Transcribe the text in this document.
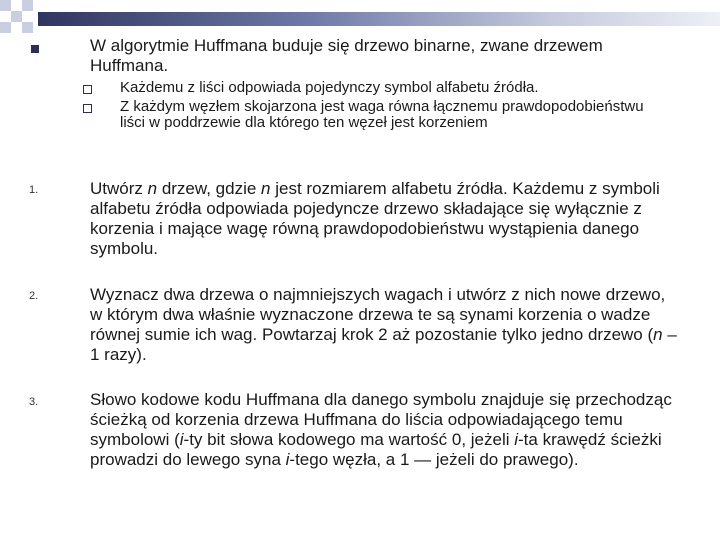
W algorytmie Huffmana buduje się drzewo binarne, zwane drzewem Huffmana.
Każdemu z liści odpowiada pojedynczy symbol alfabetu źródła.
Z każdym węzłem skojarzona jest waga równa łącznemu prawdopodobieństwu liści w poddrzewie dla którego ten węzeł jest korzeniem
1.	Utwórz n drzew, gdzie n jest rozmiarem alfabetu źródła. Każdemu z symboli alfabetu źródła odpowiada pojedyncze drzewo składające się wyłącznie z korzenia i mające wagę równą prawdopodobieństwu wystąpienia danego symbolu.
2.	Wyznacz dwa drzewa o najmniejszych wagach i utwórz z nich nowe drzewo, w którym dwa właśnie wyznaczone drzewa te są synami korzenia o wadze równej sumie ich wag. Powtarzaj krok 2 aż pozostanie tylko jedno drzewo (n – 1 razy).
3.	Słowo kodowe kodu Huffmana dla danego symbolu znajduje się przechodząc ścieżką od korzenia drzewa Huffmana do liścia odpowiadającego temu symbolowi (i-ty bit słowa kodowego ma wartość 0, jeżeli i-ta krawędź ścieżki prowadzi do lewego syna i-tego węzła, a 1 — jeżeli do prawego).
